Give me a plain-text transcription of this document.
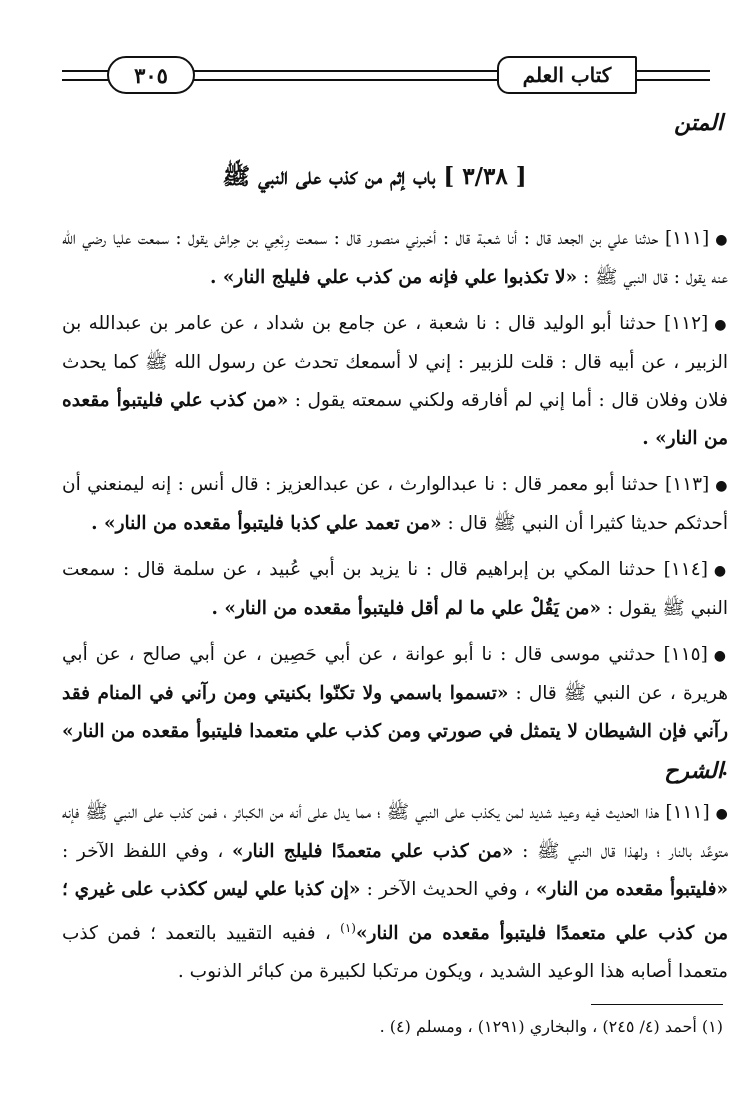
كتاب العلم
٣٠٥
المتن
[ ٣/٣٨ ] باب إثم من كذب على النبي ﷺ

●[١١١] حدثنا علي بن الجعد قال : أنا شعبة قال : أخبرني منصور قال : سمعت رِبْعِي بن حِراش يقول : سمعت عليا رضي الله عنه يقول : قال النبي ﷺ : «لا تكذبوا علي فإنه من كذب علي فليلج النار» .

●[١١٢] حدثنا أبو الوليد قال : نا شعبة ، عن جامع بن شداد ، عن عامر بن عبدالله بن الزبير ، عن أبيه قال : قلت للزبير : إني لا أسمعك تحدث عن رسول الله ﷺ كما يحدث فلان وفلان قال : أما إني لم أفارقه ولكني سمعته يقول : «من كذب علي فليتبوأ مقعده من النار» .

●[١١٣] حدثنا أبو معمر قال : نا عبدالوارث ، عن عبدالعزيز : قال أنس : إنه ليمنعني أن أحدثكم حديثا كثيرا أن النبي ﷺ قال : «من تعمد علي كذبا فليتبوأ مقعده من النار» .

●[١١٤] حدثنا المكي بن إبراهيم قال : نا يزيد بن أبي عُبيد ، عن سلمة قال : سمعت النبي ﷺ يقول : «من يَقُلْ علي ما لم أقل فليتبوأ مقعده من النار» .

●[١١٥] حدثني موسى قال : نا أبو عوانة ، عن أبي حَصِين ، عن أبي صالح ، عن أبي هريرة ، عن النبي ﷺ قال : «تسموا باسمي ولا تكنّوا بكنيتي ومن رآني في المنام فقد رآني فإن الشيطان لا يتمثل في صورتي ومن كذب علي متعمدا فليتبوأ مقعده من النار» .

الشرح

●[١١١] هذا الحديث فيه وعيد شديد لمن يكذب على النبي ﷺ ؛ مما يدل على أنه من الكبائر ، فمن كذب على النبي ﷺ فإنه متوعَّد بالنار ؛ ولهذا قال النبي ﷺ : «من كذب علي متعمدًا فليلج النار» ، وفي اللفظ الآخر : «فليتبوأ مقعده من النار» ، وفي الحديث الآخر : «إن كذبا علي ليس ككذب على غيري ؛ من كذب علي متعمدًا فليتبوأ مقعده من النار»$^{(١)}$ ، ففيه التقييد بالتعمد ؛ فمن كذب متعمدا أصابه هذا الوعيد الشديد ، ويكون مرتكبا لكبيرة من كبائر الذنوب .

(١) أحمد (٤/ ٢٤٥) ، والبخاري (١٢٩١) ، ومسلم (٤) .
